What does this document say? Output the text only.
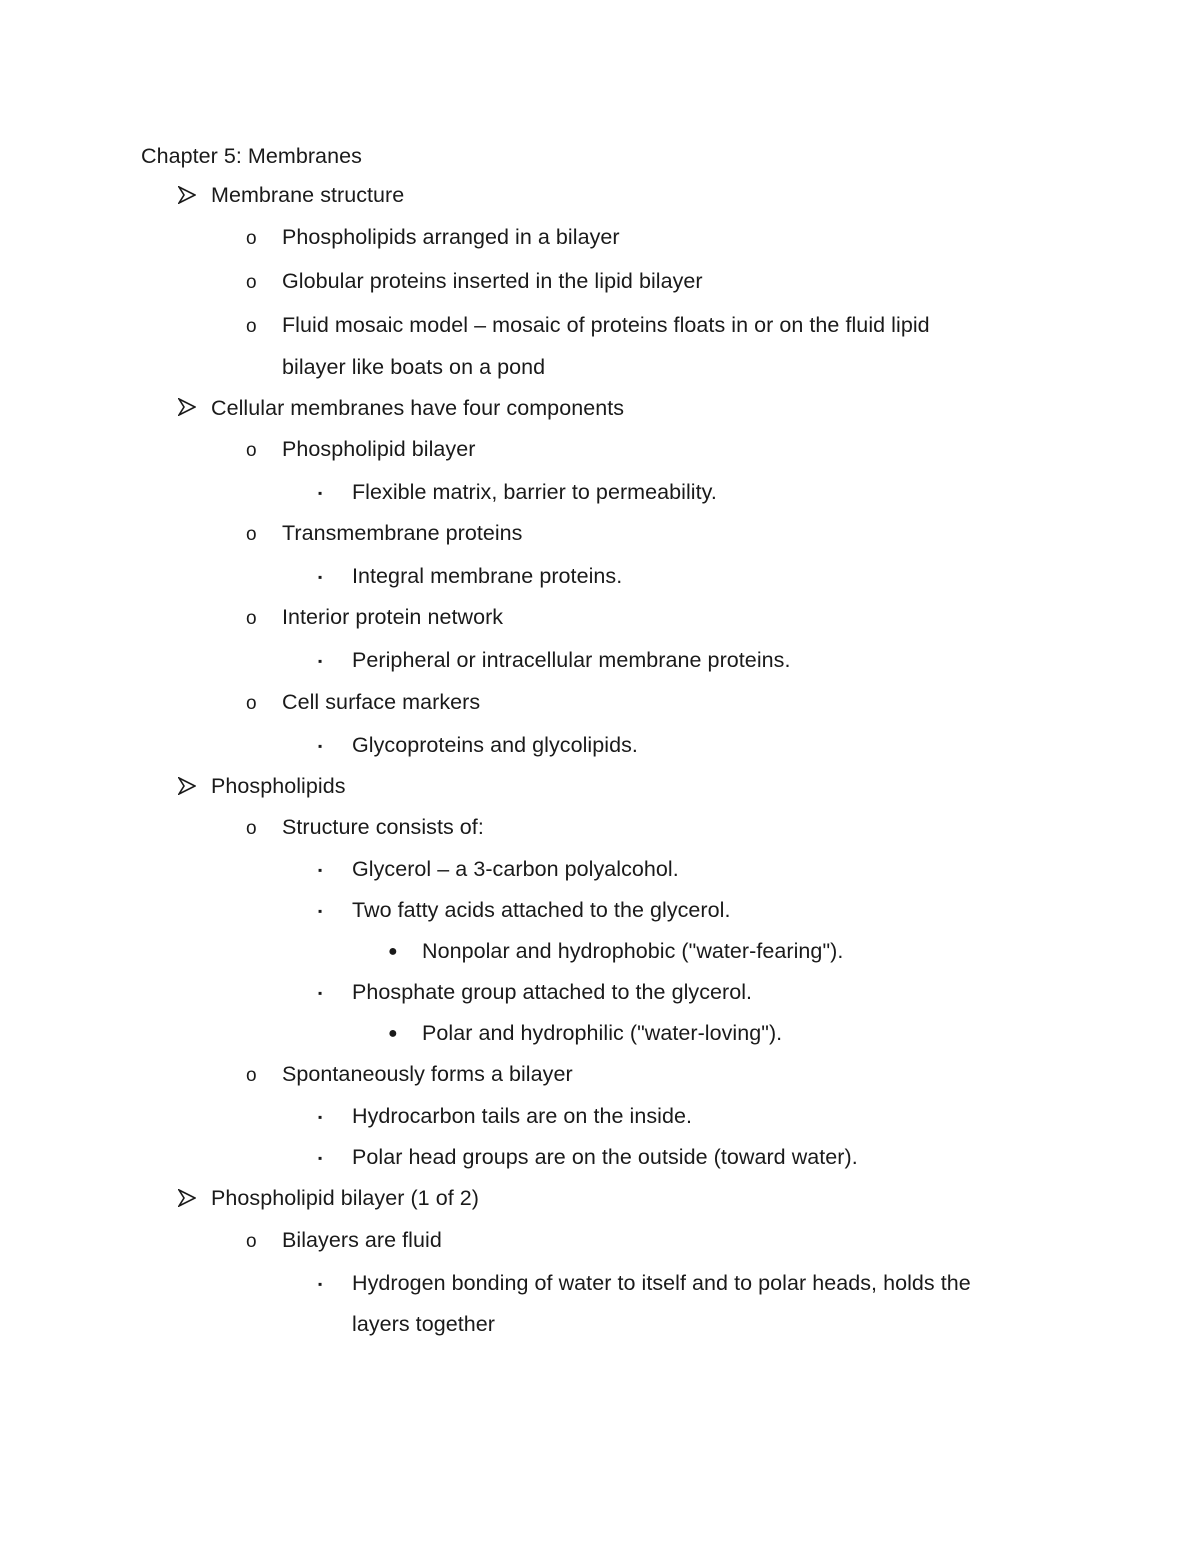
Chapter 5: Membranes
Membrane structure
o Phospholipids arranged in a bilayer
o Globular proteins inserted in the lipid bilayer
o Fluid mosaic model – mosaic of proteins floats in or on the fluid lipid
bilayer like boats on a pond
Cellular membranes have four components
o Phospholipid bilayer
▪ Flexible matrix, barrier to permeability.
o Transmembrane proteins
▪ Integral membrane proteins.
o Interior protein network
▪ Peripheral or intracellular membrane proteins.
o Cell surface markers
▪ Glycoproteins and glycolipids.
Phospholipids
o Structure consists of:
▪ Glycerol – a 3-carbon polyalcohol.
▪ Two fatty acids attached to the glycerol.
● Nonpolar and hydrophobic ("water-fearing").
▪ Phosphate group attached to the glycerol.
● Polar and hydrophilic ("water-loving").
o Spontaneously forms a bilayer
▪ Hydrocarbon tails are on the inside.
▪ Polar head groups are on the outside (toward water).
Phospholipid bilayer (1 of 2)
o Bilayers are fluid
▪ Hydrogen bonding of water to itself and to polar heads, holds the
layers together
